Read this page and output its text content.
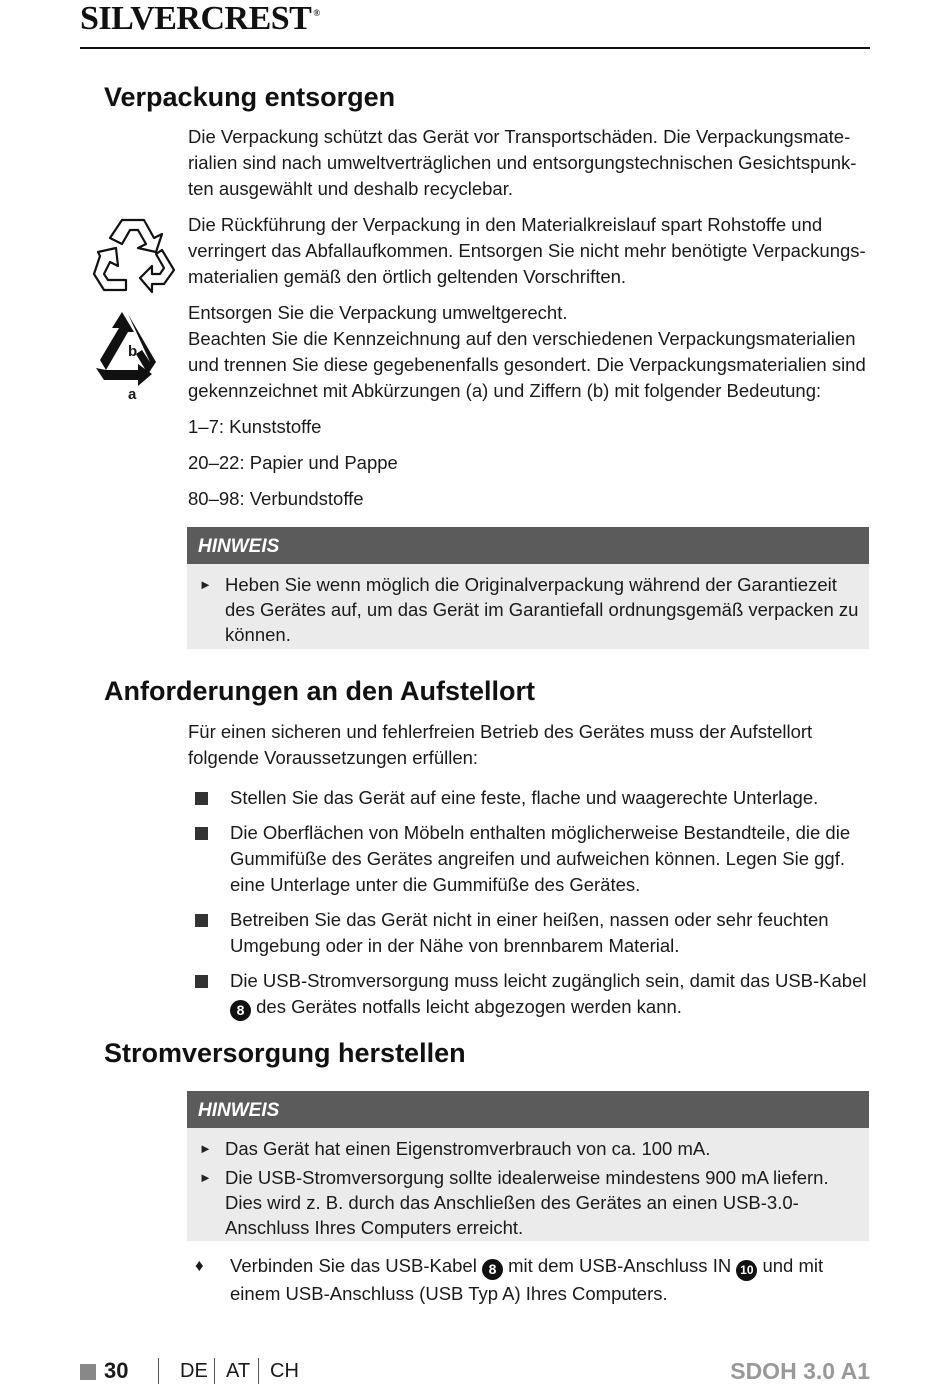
SILVERCREST ®
Verpackung entsorgen

Die Verpackung schützt das Gerät vor Transportschäden. Die Verpackungsmaterialien sind nach umweltverträglichen und entsorgungstechnischen Gesichtspunkten ausgewählt und deshalb recyclebar.

Die Rückführung der Verpackung in den Materialkreislauf spart Rohstoffe und verringert das Abfallaufkommen. Entsorgen Sie nicht mehr benötigte Verpackungsmaterialien gemäß den örtlich geltenden Vorschriften.

b
a

Entsorgen Sie die Verpackung umweltgerecht.

Beachten Sie die Kennzeichnung auf den verschiedenen Verpackungsmaterialien und trennen Sie diese gegebenenfalls gesondert. Die Verpackungsmaterialien sind gekennzeichnet mit Abkürzungen (a) und Ziffern (b) mit folgender Bedeutung:

1–7: Kunststoffe

20–22: Papier und Pappe

80–98: Verbundstoffe

HINWEIS
► Heben Sie wenn möglich die Originalverpackung während der Garantiezeit des Gerätes auf, um das Gerät im Garantiefall ordnungsgemäß verpacken zu können.
Anforderungen an den Aufstellort

Für einen sicheren und fehlerfreien Betrieb des Gerätes muss der Aufstellort folgende Voraussetzungen erfüllen:

Stellen Sie das Gerät auf eine feste, flache und waagerechte Unterlage.
Die Oberflächen von Möbeln enthalten möglicherweise Bestandteile, die die Gummifüße des Gerätes angreifen und aufweichen können. Legen Sie ggf. eine Unterlage unter die Gummifüße des Gerätes.
Betreiben Sie das Gerät nicht in einer heißen, nassen oder sehr feuchten Umgebung oder in der Nähe von brennbarem Material.
Die USB-Stromversorgung muss leicht zugänglich sein, damit das USB-Kabel 8 des Gerätes notfalls leicht abgezogen werden kann.
Stromversorgung herstellen
HINWEIS
► Das Gerät hat einen Eigenstromverbrauch von ca. 100 mA.
► Die USB-Stromversorgung sollte idealerweise mindestens 900 mA liefern. Dies wird z. B. durch das Anschließen des Gerätes an einen USB-3.0-Anschluss Ihres Computers erreicht.
♦ Verbinden Sie das USB-Kabel 8 mit dem USB-Anschluss IN 10 und mit einem USB-Anschluss (USB Typ A) Ihres Computers.
30	DE AT CH	SDOH 3.0 A1
